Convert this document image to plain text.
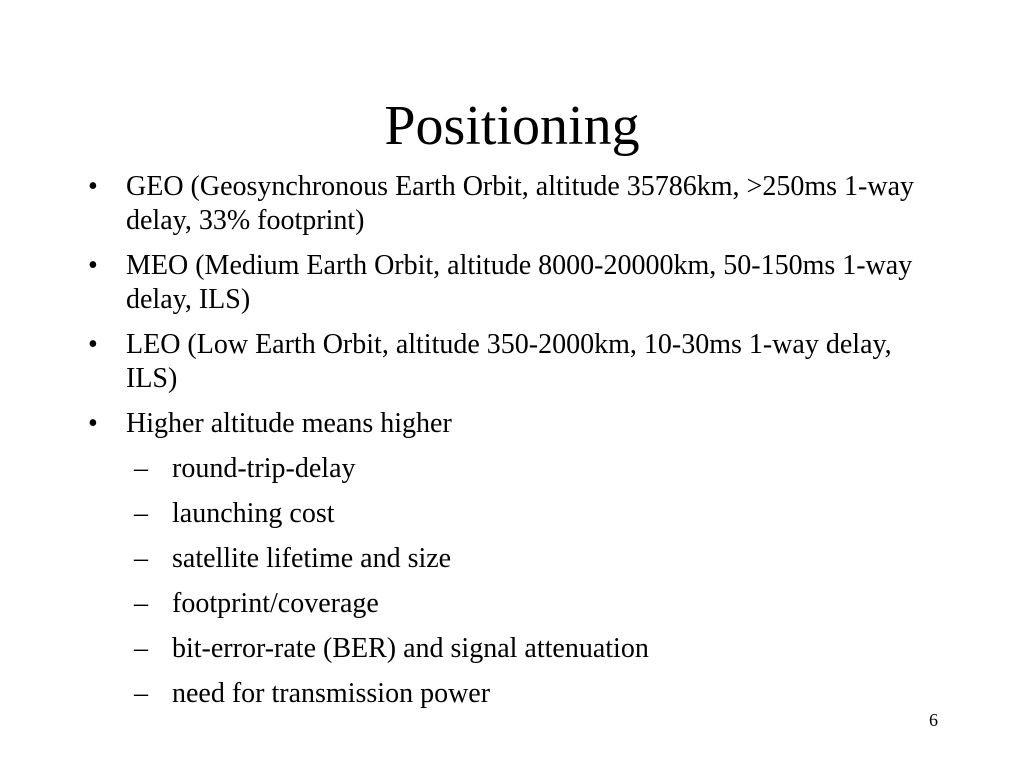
Positioning
• GEO (Geosynchronous Earth Orbit, altitude 35786km, >250ms 1-way delay, 33% footprint)
• MEO (Medium Earth Orbit, altitude 8000-20000km, 50-150ms 1-way delay, ILS)
• LEO (Low Earth Orbit, altitude 350-2000km, 10-30ms 1-way delay, ILS)
• Higher altitude means higher
– round-trip-delay
– launching cost
– satellite lifetime and size
– footprint/coverage
– bit-error-rate (BER) and signal attenuation
– need for transmission power
6
